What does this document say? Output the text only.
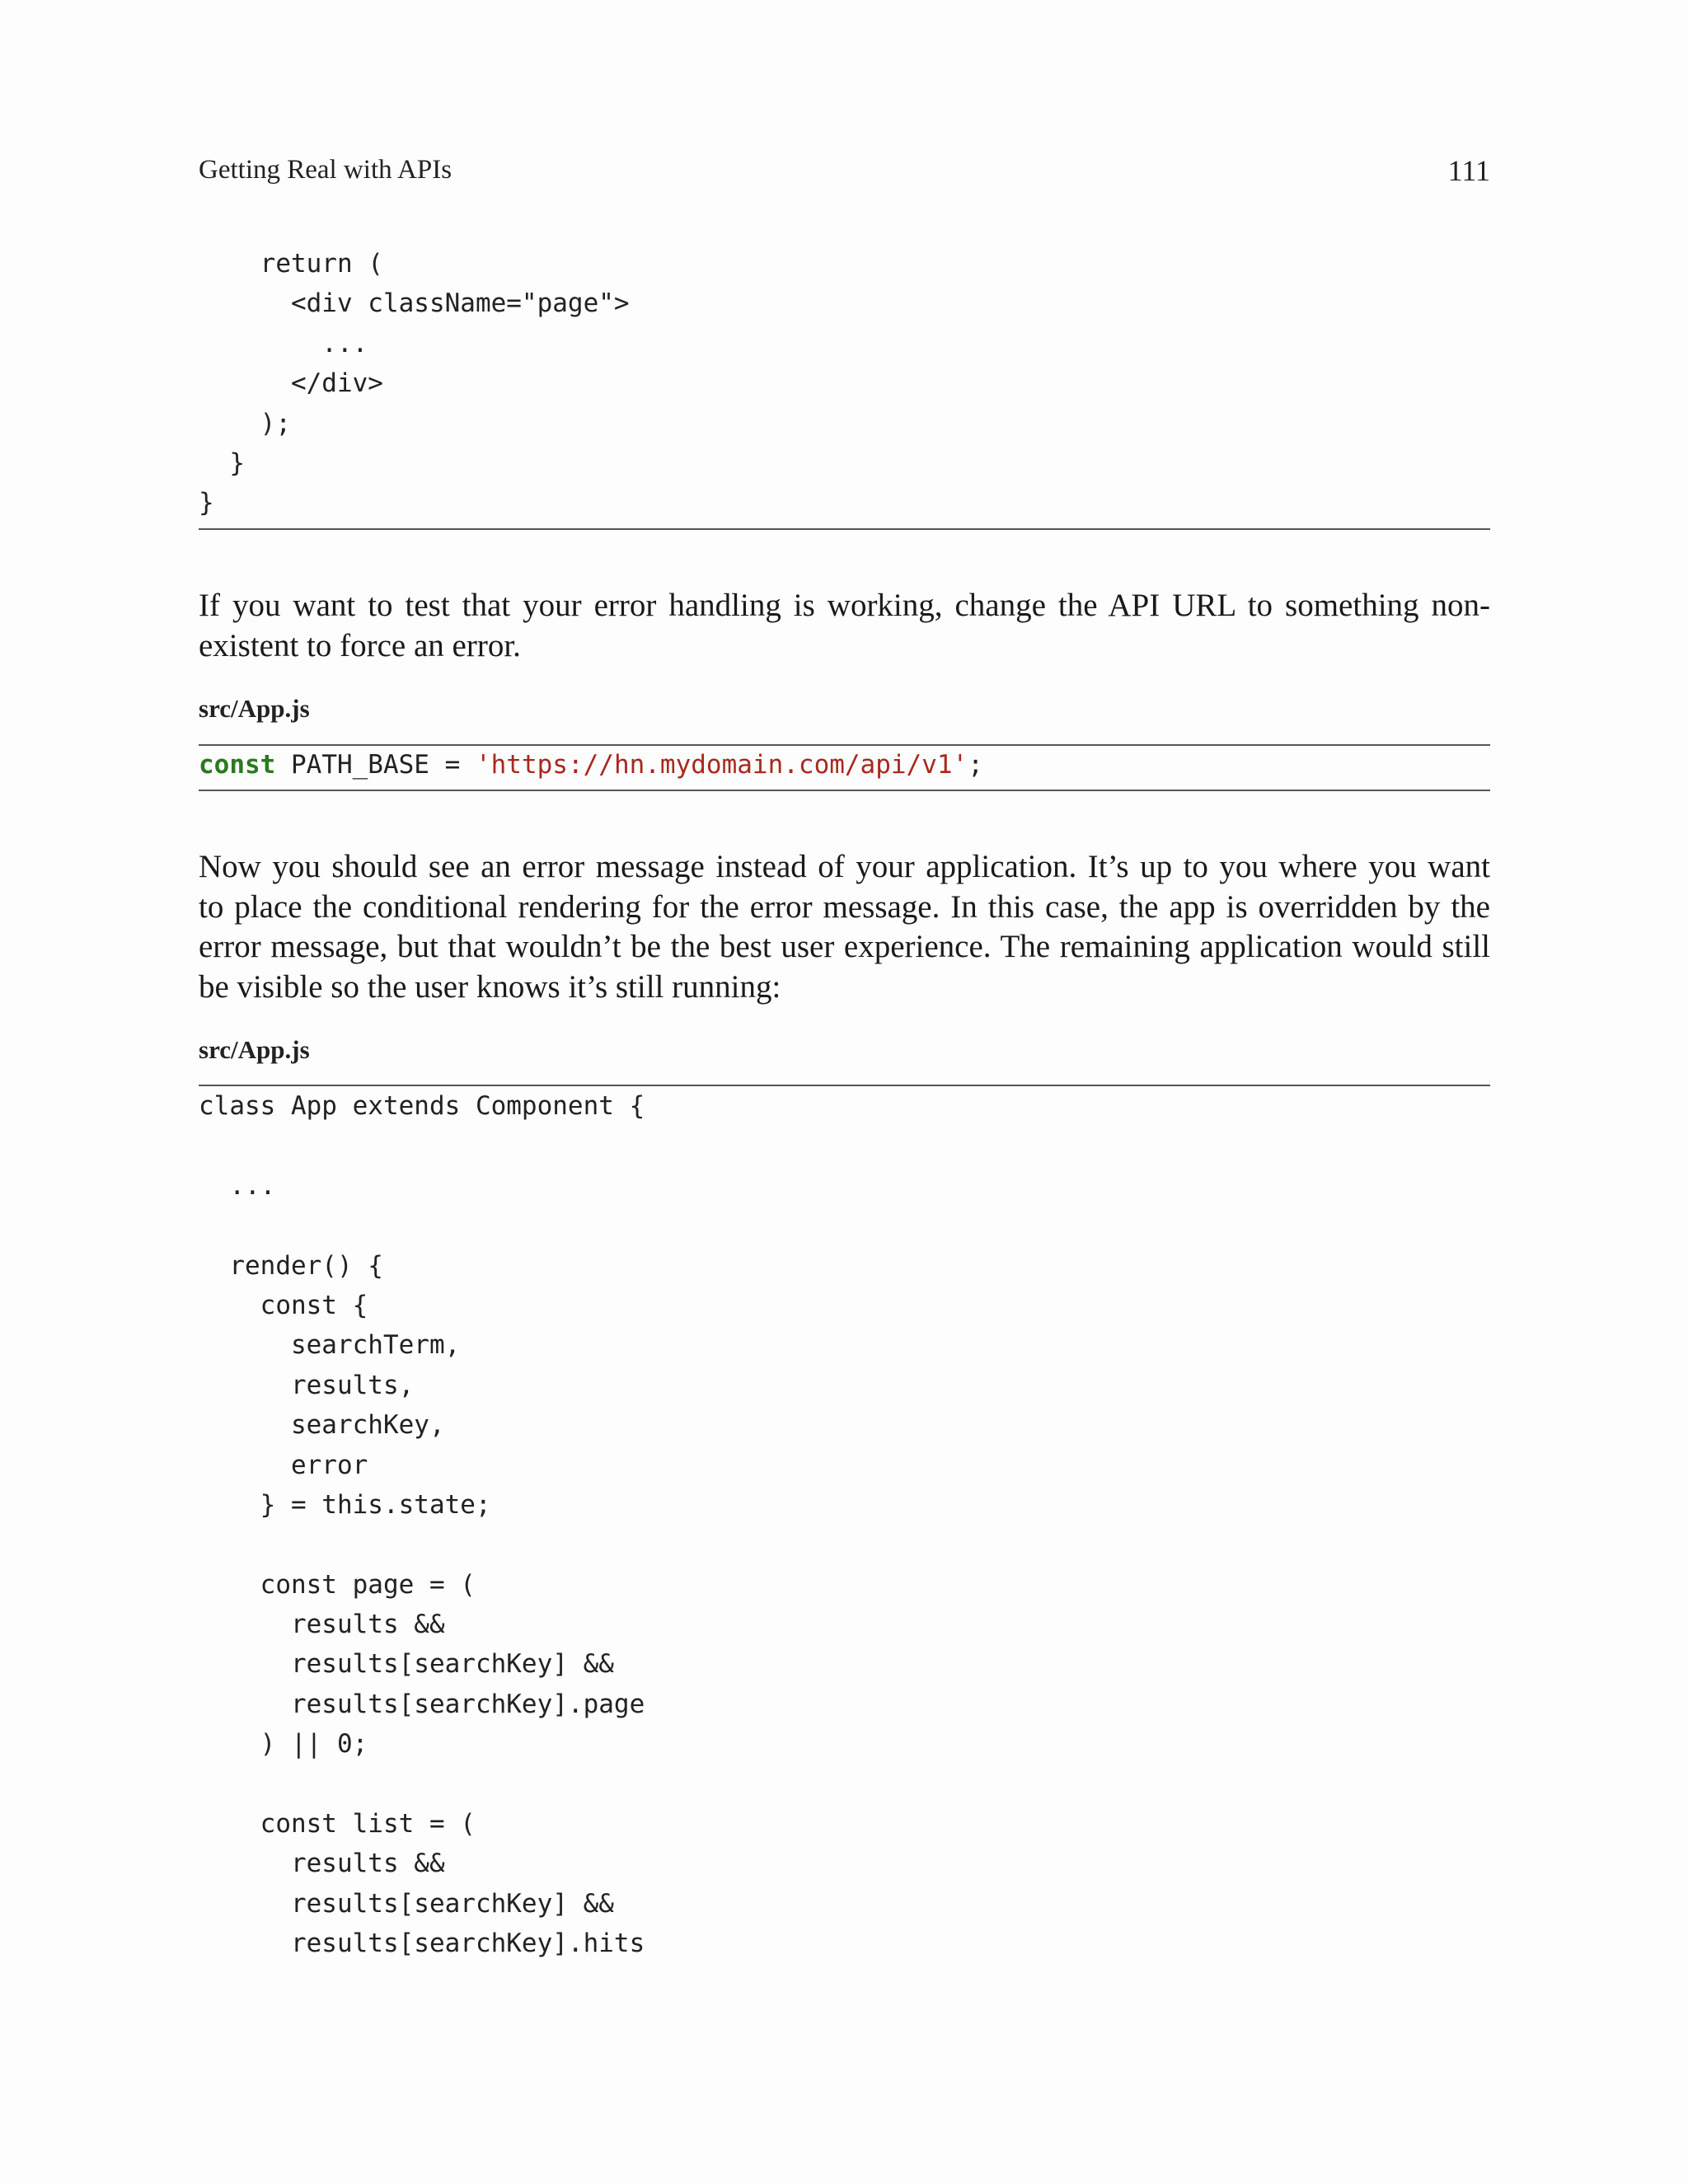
Getting Real with APIs	111
return (
<div className="page">
...
</div>
);
}
}

If you want to test that your error handling is working, change the API URL to something non-
existent to force an error.

src/App.js
const PATH_BASE = 'https://hn.mydomain.com/api/v1';

Now you should see an error message instead of your application. It’s up to you where you want
to place the conditional rendering for the error message. In this case, the app is overridden by the
error message, but that wouldn’t be the best user experience. The remaining application would still
be visible so the user knows it’s still running:

src/App.js
class App extends Component {
...
render() {
const {
searchTerm,
results,
searchKey,
error
} = this.state;
const page = (
results &&
results[searchKey] &&
results[searchKey].page
) || 0;
const list = (
results &&
results[searchKey] &&
results[searchKey].hits
